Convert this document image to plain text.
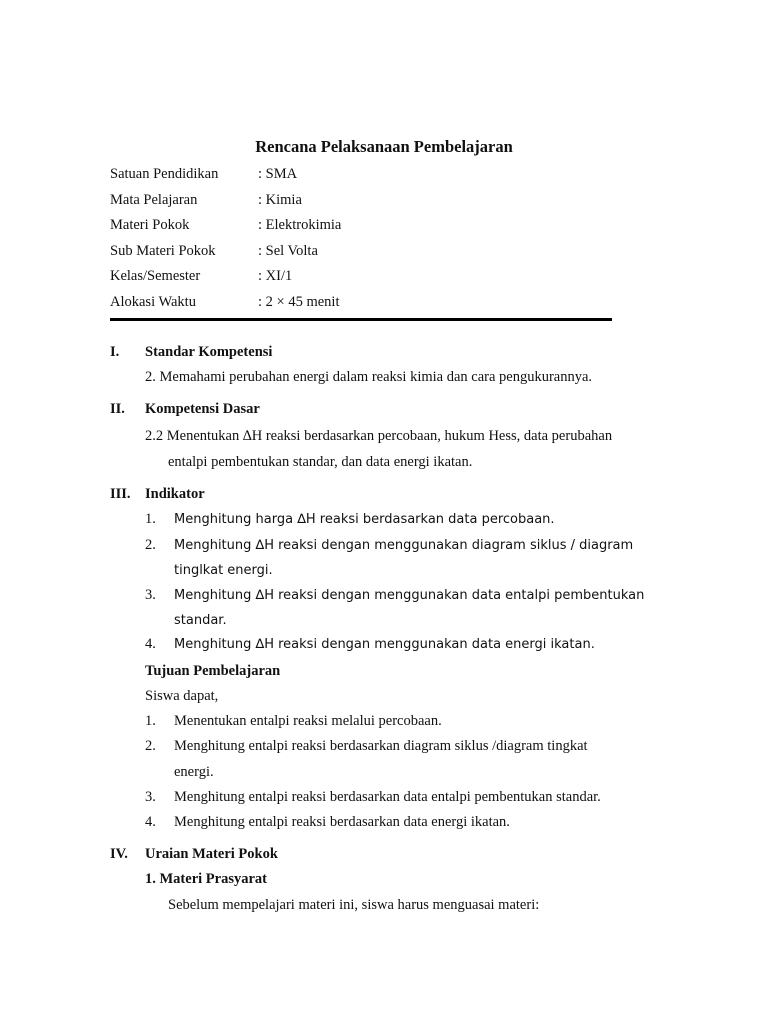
Rencana Pelaksanaan Pembelajaran
Satuan Pendidikan	: SMA
Mata Pelajaran	: Kimia
Materi Pokok	: Elektrokimia
Sub Materi Pokok	: Sel Volta
Kelas/Semester	: XI/1
Alokasi Waktu	: 2 × 45 menit
I. Standar Kompetensi
2. Memahami perubahan energi dalam reaksi kimia dan cara pengukurannya.
II. Kompetensi Dasar
2.2 Menentukan ∆H reaksi berdasarkan percobaan, hukum Hess, data perubahan
entalpi pembentukan standar, dan data energi ikatan.
III. Indikator
1. Menghitung harga ∆H reaksi berdasarkan data percobaan.
2. Menghitung ∆H reaksi dengan menggunakan diagram siklus / diagram
tinglkat energi.
3. Menghitung ∆H reaksi dengan menggunakan data entalpi pembentukan
standar.
4. Menghitung ∆H reaksi dengan menggunakan data energi ikatan.
Tujuan Pembelajaran
Siswa dapat,
1. Menentukan entalpi reaksi melalui percobaan.
2. Menghitung entalpi reaksi berdasarkan diagram siklus /diagram tingkat
energi.
3. Menghitung entalpi reaksi berdasarkan data entalpi pembentukan standar.
4. Menghitung entalpi reaksi berdasarkan data energi ikatan.
IV. Uraian Materi Pokok
1. Materi Prasyarat
Sebelum mempelajari materi ini, siswa harus menguasai materi:
